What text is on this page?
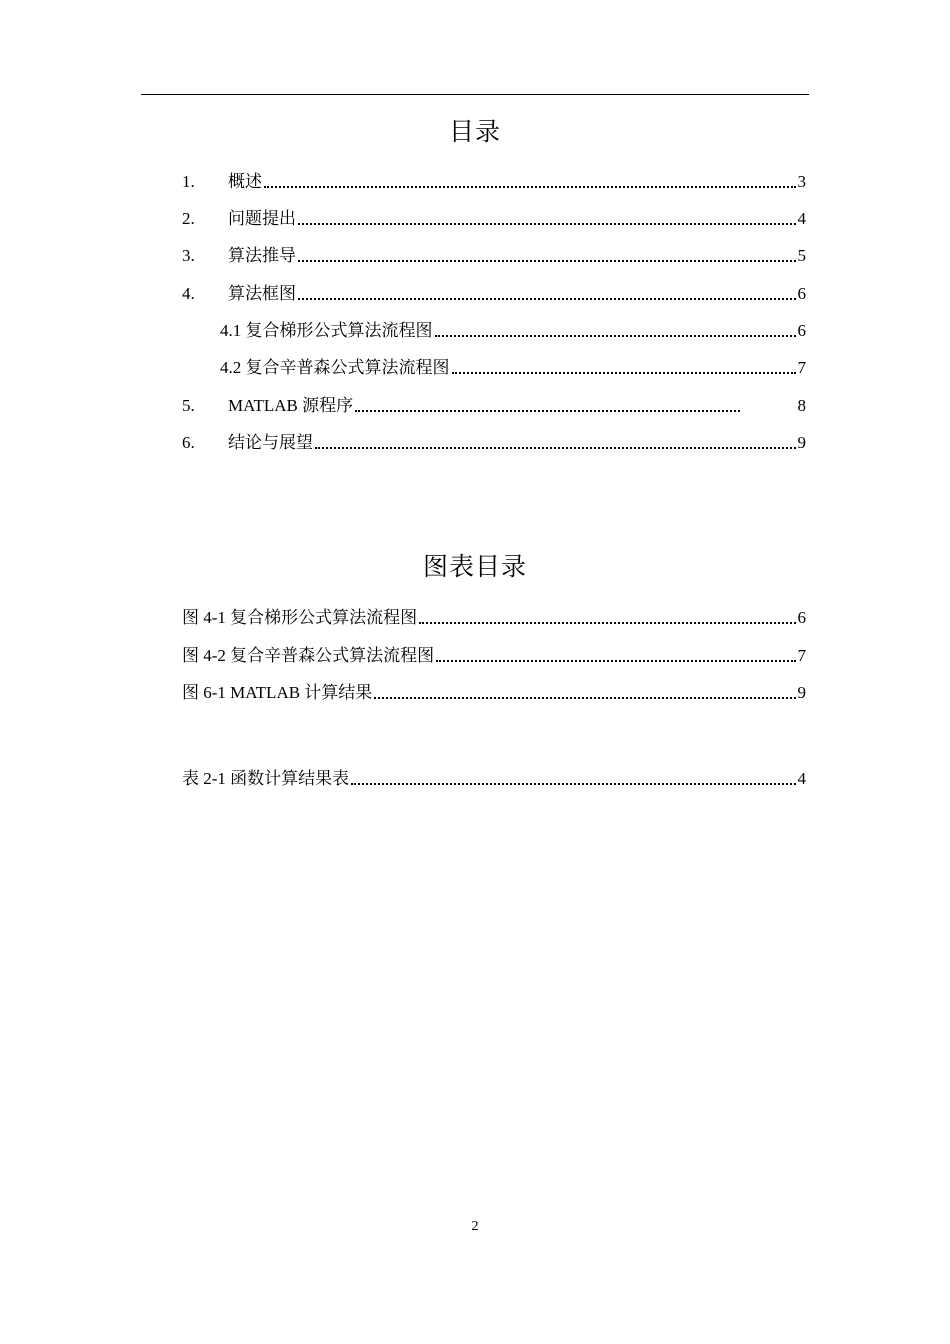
目录
1.	概述	3
2.	问题提出	4
3.	算法推导	5
4.	算法框图	6
4.1 复合梯形公式算法流程图	6
4.2 复合辛普森公式算法流程图	7
5.	MATLAB 源程序	8
6.	结论与展望	9
图表目录
图 4-1 复合梯形公式算法流程图	6
图 4-2 复合辛普森公式算法流程图	7
图 6-1 MATLAB 计算结果	9
表 2-1 函数计算结果表	4
2
